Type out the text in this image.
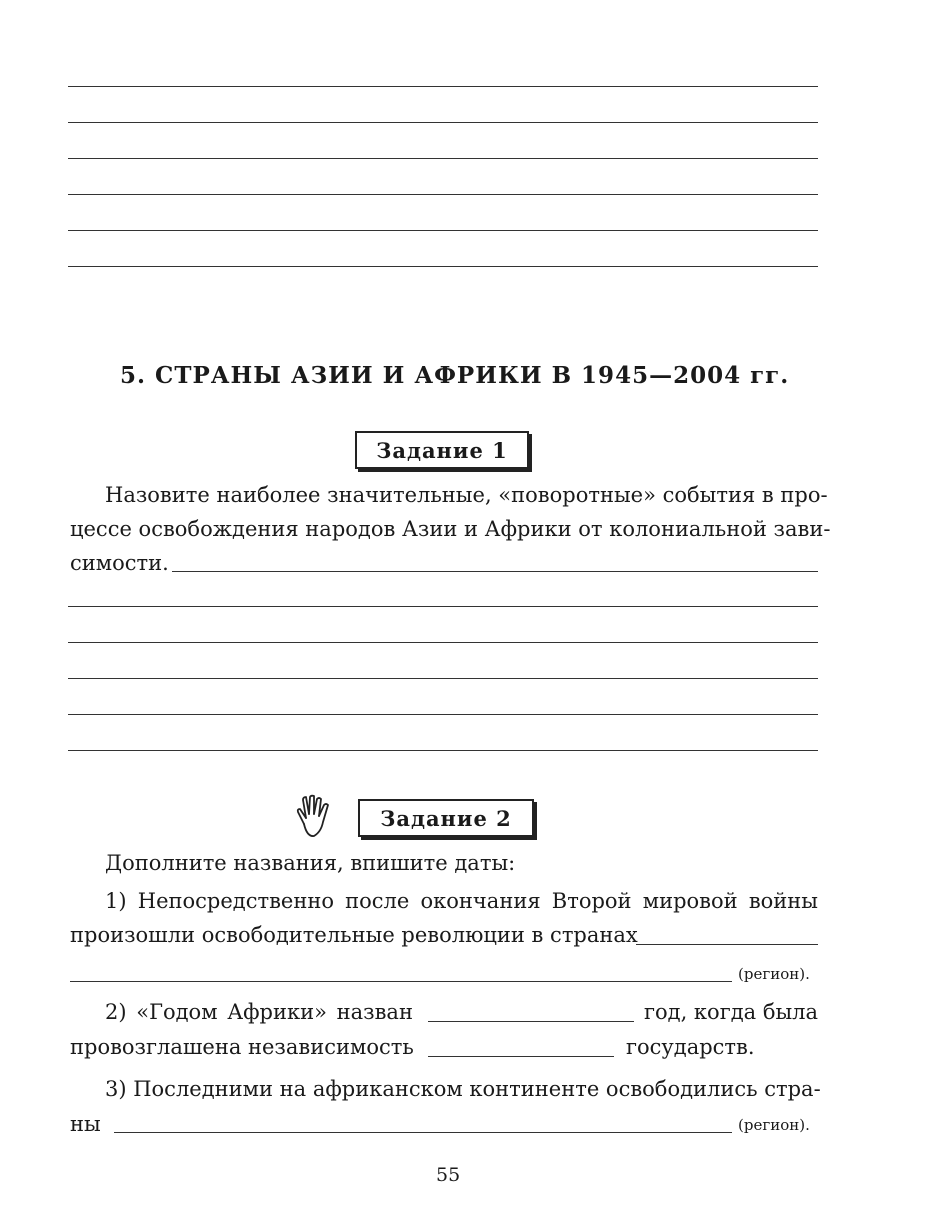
5. СТРАНЫ АЗИИ И АФРИКИ В 1945—2004 гг.
Задание 1
Назовите наиболее значительные, «поворотные» события в про-
цессе освобождения народов Азии и Африки от колониальной зави-
симости.
Задание 2
Дополните названия, впишите даты:
1) Непосредственно после окончания Второй мировой войны
произошли освободительные революции в странах
(регион).
2) «Годом Африки» назван	год, когда была
провозглашена независимость	государств.
3) Последними на африканском континенте освободились стра-
ны	(регион).
55
